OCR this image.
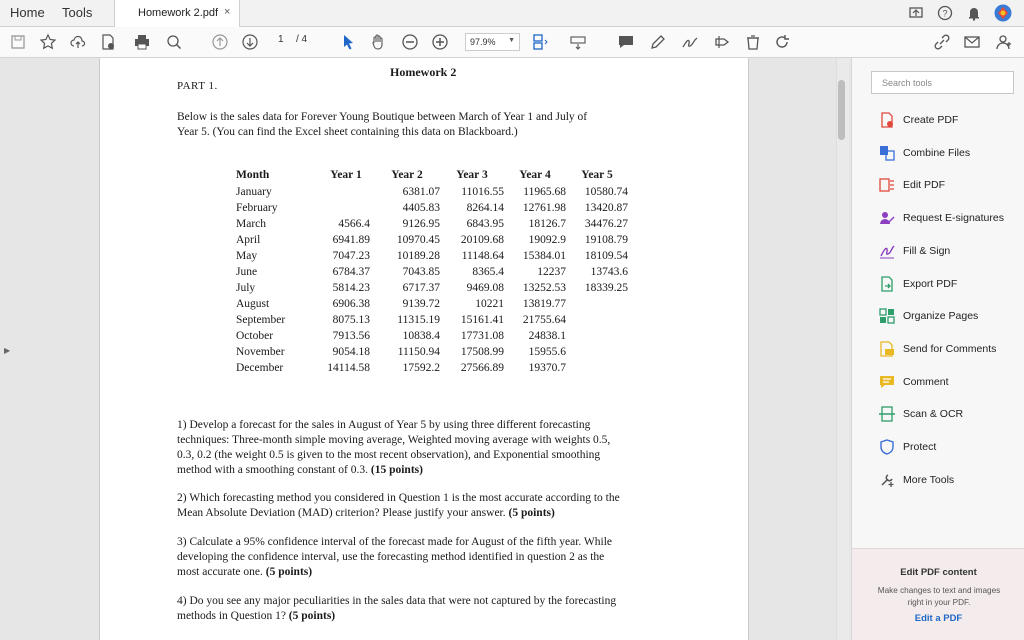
Home Tools	Homework 2.pdf ×	?
1 / 4	97.9% ▼
▶
Homework 2
PART 1.
Below is the sales data for Forever Young Boutique between March of Year 1 and July of
Year 5. (You can find the Excel sheet containing this data on Blackboard.)
Month	Year 1	Year 2	Year 3	Year 4	Year 5
January		6381.07	11016.55	11965.68	10580.74
February		4405.83	8264.14	12761.98	13420.87
March	4566.4	9126.95	6843.95	18126.7	34476.27
April	6941.89	10970.45	20109.68	19092.9	19108.79
May	7047.23	10189.28	11148.64	15384.01	18109.54
June	6784.37	7043.85	8365.4	12237	13743.6
July	5814.23	6717.37	9469.08	13252.53	18339.25
August	6906.38	9139.72	10221	13819.77	
September	8075.13	11315.19	15161.41	21755.64	
October	7913.56	10838.4	17731.08	24838.1	
November	9054.18	11150.94	17508.99	15955.6	
December	14114.58	17592.2	27566.89	19370.7	
1) Develop a forecast for the sales in August of Year 5 by using three different forecasting
techniques: Three-month simple moving average, Weighted moving average with weights 0.5,
0.3, 0.2 (the weight 0.5 is given to the most recent observation), and Exponential smoothing
method with a smoothing constant of 0.3. (15 points)
2) Which forecasting method you considered in Question 1 is the most accurate according to the
Mean Absolute Deviation (MAD) criterion? Please justify your answer. (5 points)
3) Calculate a 95% confidence interval of the forecast made for August of the fifth year. While
developing the confidence interval, use the forecasting method identified in question 2 as the
most accurate one. (5 points)
4) Do you see any major peculiarities in the sales data that were not captured by the forecasting
methods in Question 1? (5 points)
Search tools
Create PDF
Combine Files
Edit PDF
Request E-signatures
Fill & Sign
Export PDF
Organize Pages
Send for Comments
Comment
Scan & OCR
Protect
More Tools
Edit PDF content
Make changes to text and images right in your PDF.
Edit a PDF
